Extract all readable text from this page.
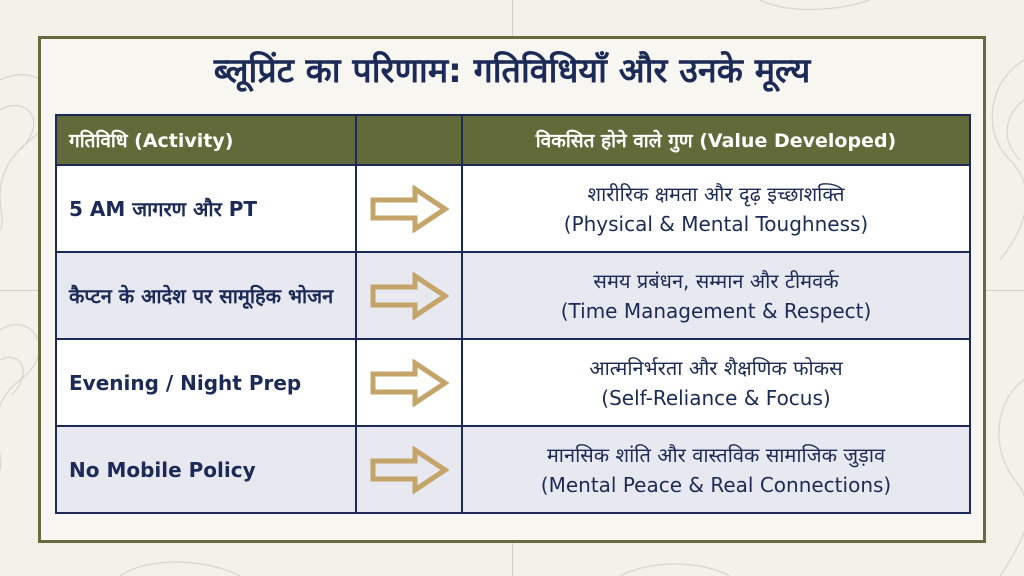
ब्लूप्रिंट का परिणाम: गतिविधियाँ और उनके मूल्य
गतिविधि (Activity)		विकसित होने वाले गुण (Value Developed)
5 AM जागरण और PT		शारीरिक क्षमता और दृढ़ इच्छाशक्ति
(Physical & Mental Toughness)

कैप्टन के आदेश पर सामूहिक भोजन		समय प्रबंधन, सम्मान और टीमवर्क
(Time Management & Respect)

Evening / Night Prep		आत्मनिर्भरता और शैक्षणिक फोकस
(Self-Reliance & Focus)

No Mobile Policy		मानसिक शांति और वास्तविक सामाजिक जुड़ाव
(Mental Peace & Real Connections)
